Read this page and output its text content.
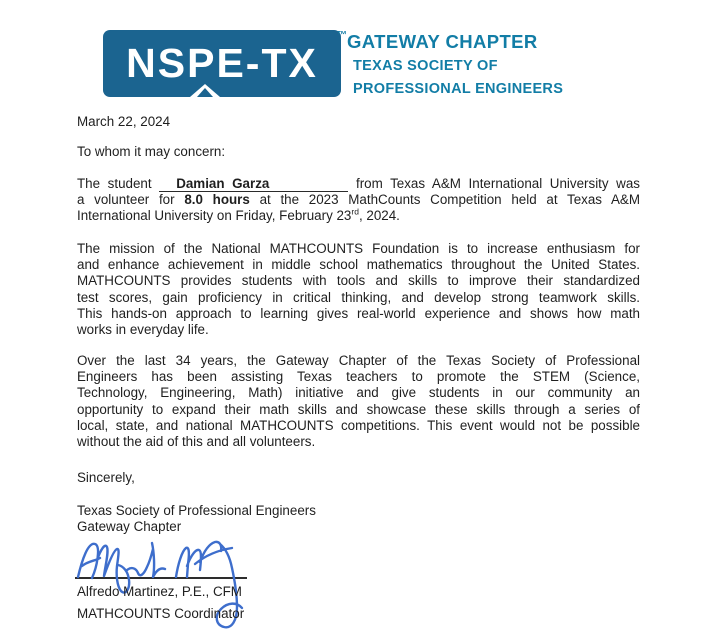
NSPE-TX
™GATEWAY CHAPTER
TEXAS SOCIETY OF
PROFESSIONAL ENGINEERS
March 22, 2024
To whom it may concern:
The student Damian Garza	from Texas A&M International University was
a volunteer for 8.0 hours at the 2023 MathCounts Competition held at Texas A&M
International University on Friday, February 23rd, 2024.
The mission of the National MATHCOUNTS Foundation is to increase enthusiasm for
and enhance achievement in middle school mathematics throughout the United States.
MATHCOUNTS provides students with tools and skills to improve their standardized
test scores, gain proficiency in critical thinking, and develop strong teamwork skills.
This hands-on approach to learning gives real-world experience and shows how math
works in everyday life.
Over the last 34 years, the Gateway Chapter of the Texas Society of Professional
Engineers has been assisting Texas teachers to promote the STEM (Science,
Technology, Engineering, Math) initiative and give students in our community an
opportunity to expand their math skills and showcase these skills through a series of
local, state, and national MATHCOUNTS competitions. This event would not be possible
without the aid of this and all volunteers.
Sincerely,
Texas Society of Professional Engineers
Gateway Chapter
Alfredo Martinez, P.E., CFM
MATHCOUNTS Coordinator
